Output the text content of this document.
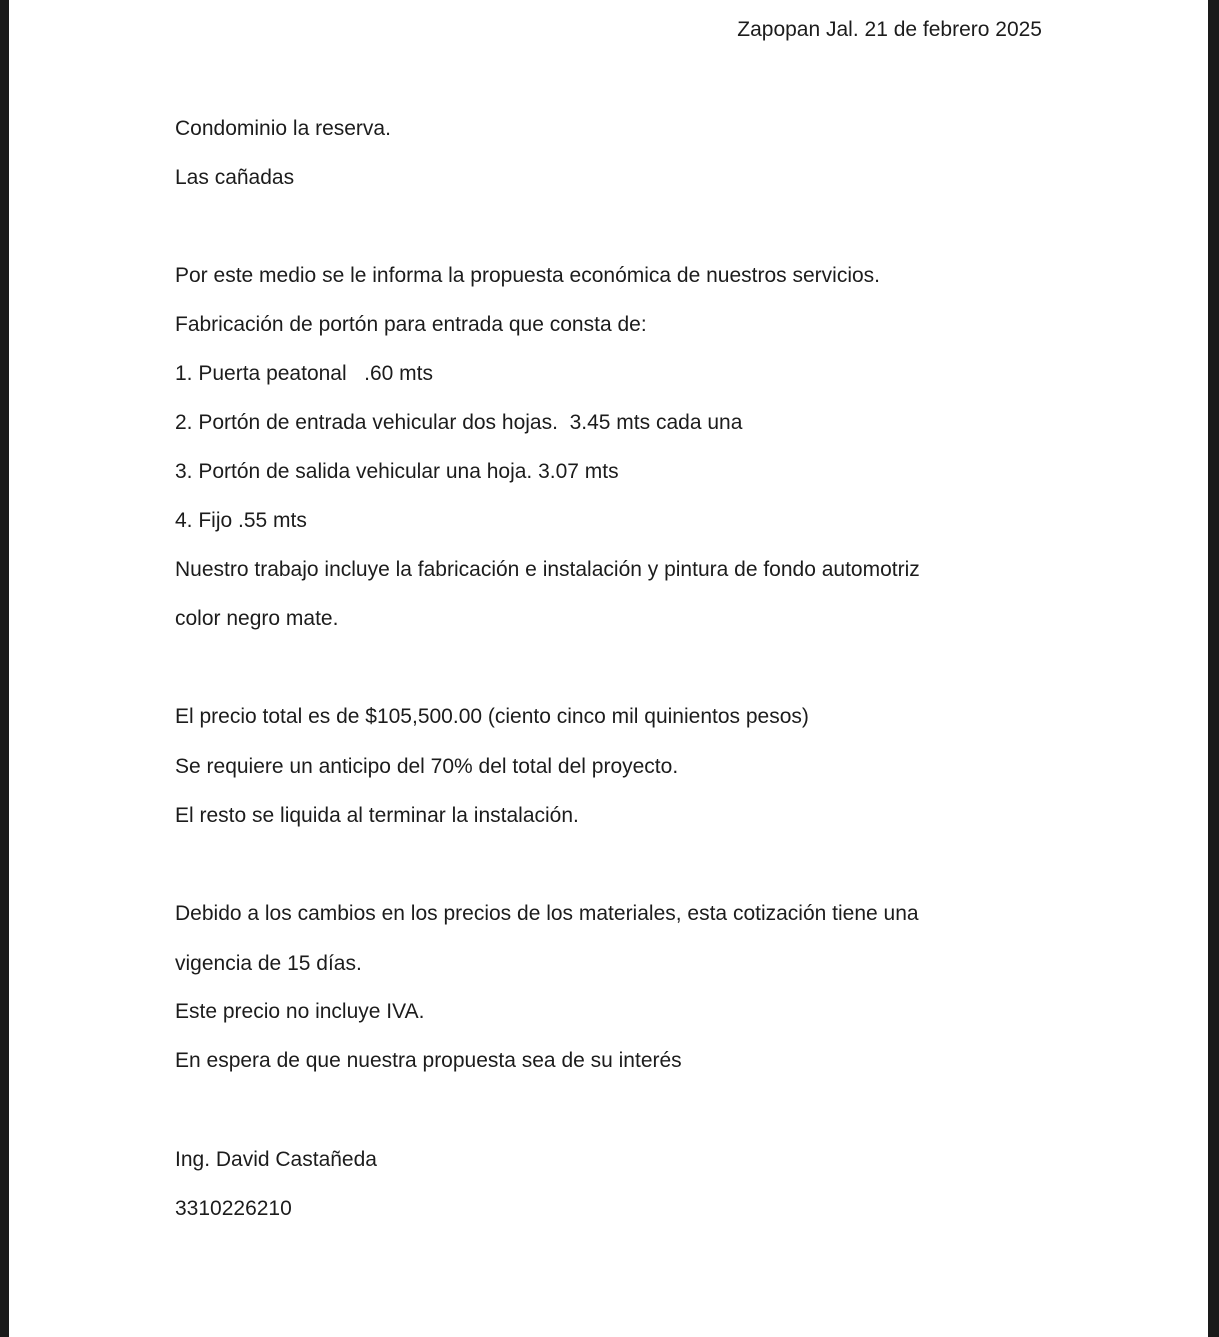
Zapopan Jal. 21 de febrero 2025
Condominio la reserva.
Las cañadas
Por este medio se le informa la propuesta económica de nuestros servicios.
Fabricación de portón para entrada que consta de:
1. Puerta peatonal   .60 mts
2. Portón de entrada vehicular dos hojas.  3.45 mts cada una
3. Portón de salida vehicular una hoja. 3.07 mts
4. Fijo .55 mts
Nuestro trabajo incluye la fabricación e instalación y pintura de fondo automotriz
color negro mate.
El precio total es de $105,500.00 (ciento cinco mil quinientos pesos)
Se requiere un anticipo del 70% del total del proyecto.
El resto se liquida al terminar la instalación.
Debido a los cambios en los precios de los materiales, esta cotización tiene una
vigencia de 15 días.
Este precio no incluye IVA.
En espera de que nuestra propuesta sea de su interés
Ing. David Castañeda
3310226210
